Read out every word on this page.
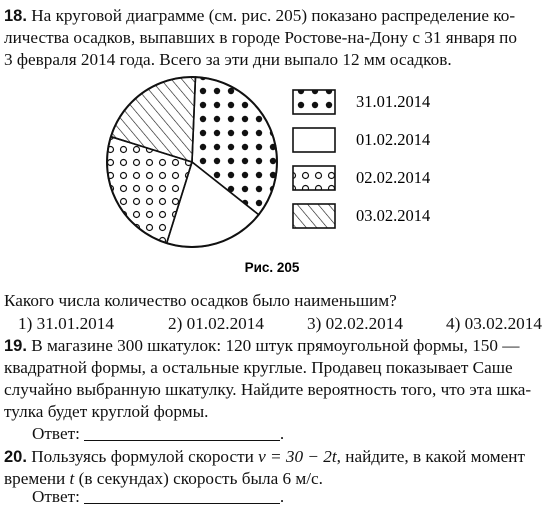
18. На круговой диаграмме (см. рис. 205) показано распределение ко-
личества осадков, выпавших в городе Ростове-на-Дону с 31 января по
3 февраля 2014 года. Всего за эти дни выпало 12 мм осадков.
31.01.2014
01.02.2014
02.02.2014
03.02.2014
Рис. 205
Какого числа количество осадков было наименьшим?
1) 31.01.2014	2) 01.02.2014	3) 02.02.2014	4) 03.02.2014
19. В магазине 300 шкатулок: 120 штук прямоугольной формы, 150 —
квадратной формы, а остальные круглые. Продавец показывает Саше
случайно выбранную шкатулку. Найдите вероятность того, что эта шка-
тулка будет круглой формы.
Ответ:	.
20. Пользуясь формулой скорости v = 30 − 2t, найдите, в какой момент
времени t (в секундах) скорость была 6 м/с.
Ответ:	.
